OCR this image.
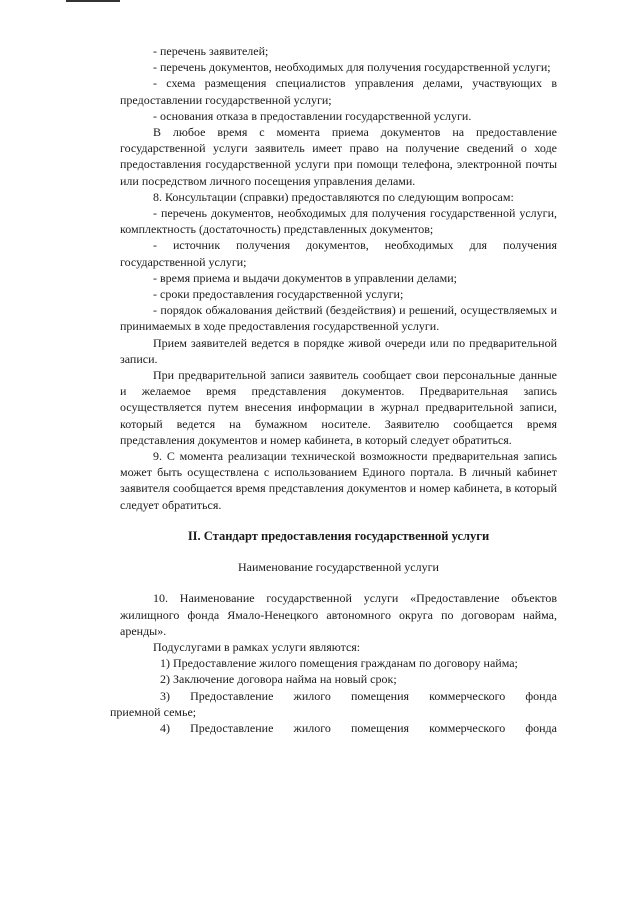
- перечень заявителей;

- перечень документов, необходимых для получения государственной услуги;

- схема размещения специалистов управления делами, участвующих в предоставлении государственной услуги;

- основания отказа в предоставлении государственной услуги.

В любое время с момента приема документов на предоставление государственной услуги заявитель имеет право на получение сведений о ходе предоставления государственной услуги при помощи телефона, электронной почты или посредством личного посещения управления делами.

8. Консультации (справки) предоставляются по следующим вопросам:

- перечень документов, необходимых для получения государственной услуги, комплектность (достаточность) представленных документов;

- источник получения документов, необходимых для получения государственной услуги;

- время приема и выдачи документов в управлении делами;

- сроки предоставления государственной услуги;

- порядок обжалования действий (бездействия) и решений, осуществляемых и принимаемых в ходе предоставления государственной услуги.

Прием заявителей ведется в порядке живой очереди или по предварительной записи.

При предварительной записи заявитель сообщает свои персональные данные и желаемое время представления документов. Предварительная запись осуществляется путем внесения информации в журнал предварительной записи, который ведется на бумажном носителе. Заявителю сообщается время представления документов и номер кабинета, в который следует обратиться.

9. С момента реализации технической возможности предварительная запись может быть осуществлена с использованием Единого портала. В личный кабинет заявителя сообщается время представления документов и номер кабинета, в который следует обратиться.

II. Стандарт предоставления государственной услуги

Наименование государственной услуги

10. Наименование государственной услуги «Предоставление объектов жилищного фонда Ямало-Ненецкого автономного округа по договорам найма, аренды».

Подуслугами в рамках услуги являются:

1) Предоставление жилого помещения гражданам по договору найма;

2) Заключение договора найма на новый срок;

3) Предоставление жилого помещения коммерческого фонда

приемной семье;

4) Предоставление жилого помещения коммерческого фонда
